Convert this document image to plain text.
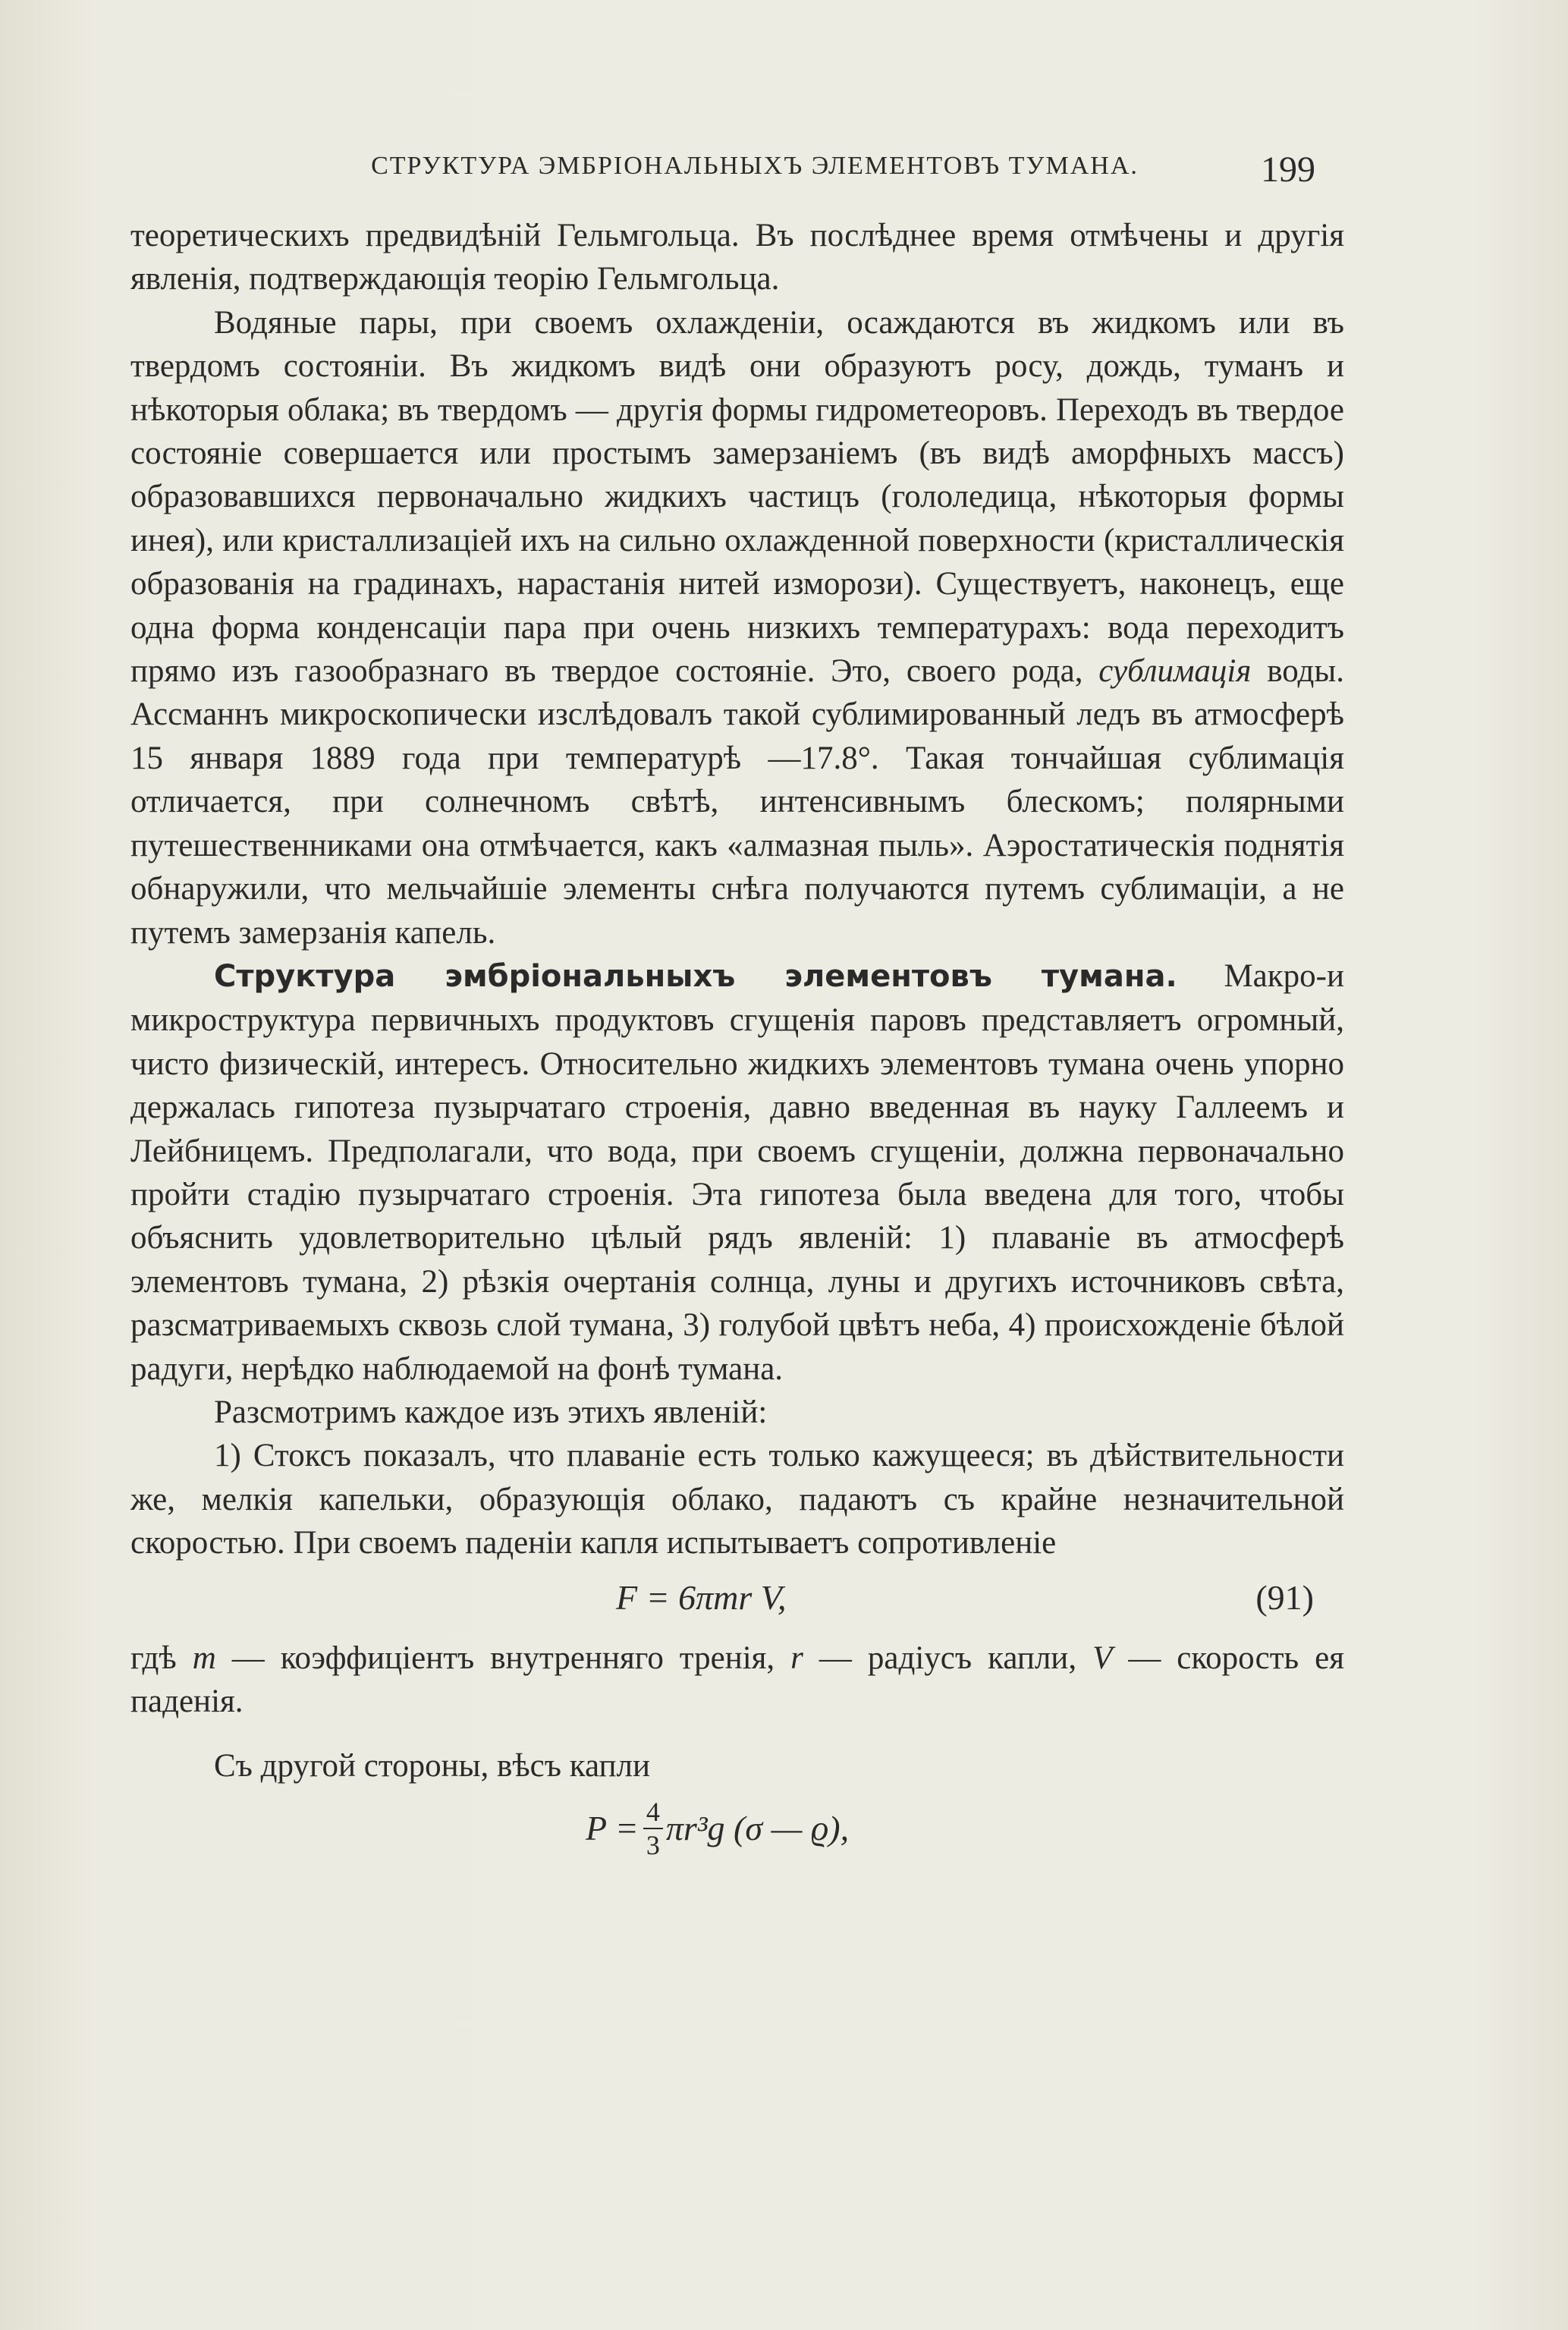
СТРУКТУРА ЭМБРІОНАЛЬНЫХЪ ЭЛЕМЕНТОВЪ ТУМАНА.	199

теоретическихъ предвидѣній Гельмгольца. Въ послѣднее время отмѣчены и другія явленія, подтверждающія теорію Гельмгольца.

Водяные пары, при своемъ охлажденіи, осаждаются въ жидкомъ или въ твердомъ состояніи. Въ жидкомъ видѣ они образуютъ росу, дождь, туманъ и нѣкоторыя облака; въ твердомъ — другія формы гидрометеоровъ. Переходъ въ твердое состояніе совершается или простымъ замерзаніемъ (въ видѣ аморфныхъ массъ) образовавшихся первоначально жидкихъ частицъ (гололедица, нѣкоторыя формы инея), или кристаллизацiей ихъ на сильно охлажденной поверхности (кристаллическія образованія на градинахъ, нарастанія нитей изморози). Существуетъ, наконецъ, еще одна форма конденсаціи пара при очень низкихъ температурахъ: вода переходитъ прямо изъ газообразнаго въ твердое состояніе. Это, своего рода, сублимація воды. Ассманнъ микроскопически изслѣдовалъ такой сублимированный ледъ въ атмосферѣ 15 января 1889 года при температурѣ —17.8°. Такая тончайшая сублимація отличается, при солнечномъ свѣтѣ, интенсивнымъ блескомъ; полярными путешественниками она отмѣчается, какъ «алмазная пыль». Аэростатическія поднятія обнаружили, что мельчайшіе элементы снѣга получаются путемъ сублимаціи, а не путемъ замерзанія капель.

Структура эмбріональныхъ элементовъ тумана. Макро-и микроструктура первичныхъ продуктовъ сгущенія паровъ представляетъ огромный, чисто физическій, интересъ. Относительно жидкихъ элементовъ тумана очень упорно держалась гипотеза пузырчатаго строенія, давно введенная въ науку Галлеемъ и Лейбницемъ. Предполагали, что вода, при своемъ сгущеніи, должна первоначально пройти стадію пузырчатаго строенія. Эта гипотеза была введена для того, чтобы объяснить удовлетворительно цѣлый рядъ явленій: 1) плаваніе въ атмосферѣ элементовъ тумана, 2) рѣзкія очертанія солнца, луны и другихъ источниковъ свѣта, разсматриваемыхъ сквозь слой тумана, 3) голубой цвѣтъ неба, 4) происхожденіе бѣлой радуги, нерѣдко наблюдаемой на фонѣ тумана.

Разсмотримъ каждое изъ этихъ явленій:

1) Стоксъ показалъ, что плаваніе есть только кажущееся; въ дѣйствительности же, мелкія капельки, образующія облако, падаютъ съ крайне незначительной скоростью. При своемъ паденіи капля испытываетъ сопротивленіе

F = 6πmr V,	(91)

гдѣ m — коэффиціентъ внутренняго тренія, r — радіусъ капли, V — скорость ея паденія.

Съ другой стороны, вѣсъ капли

$P = \frac{4}{3} \pi r^3g$ (σ — ϱ),
